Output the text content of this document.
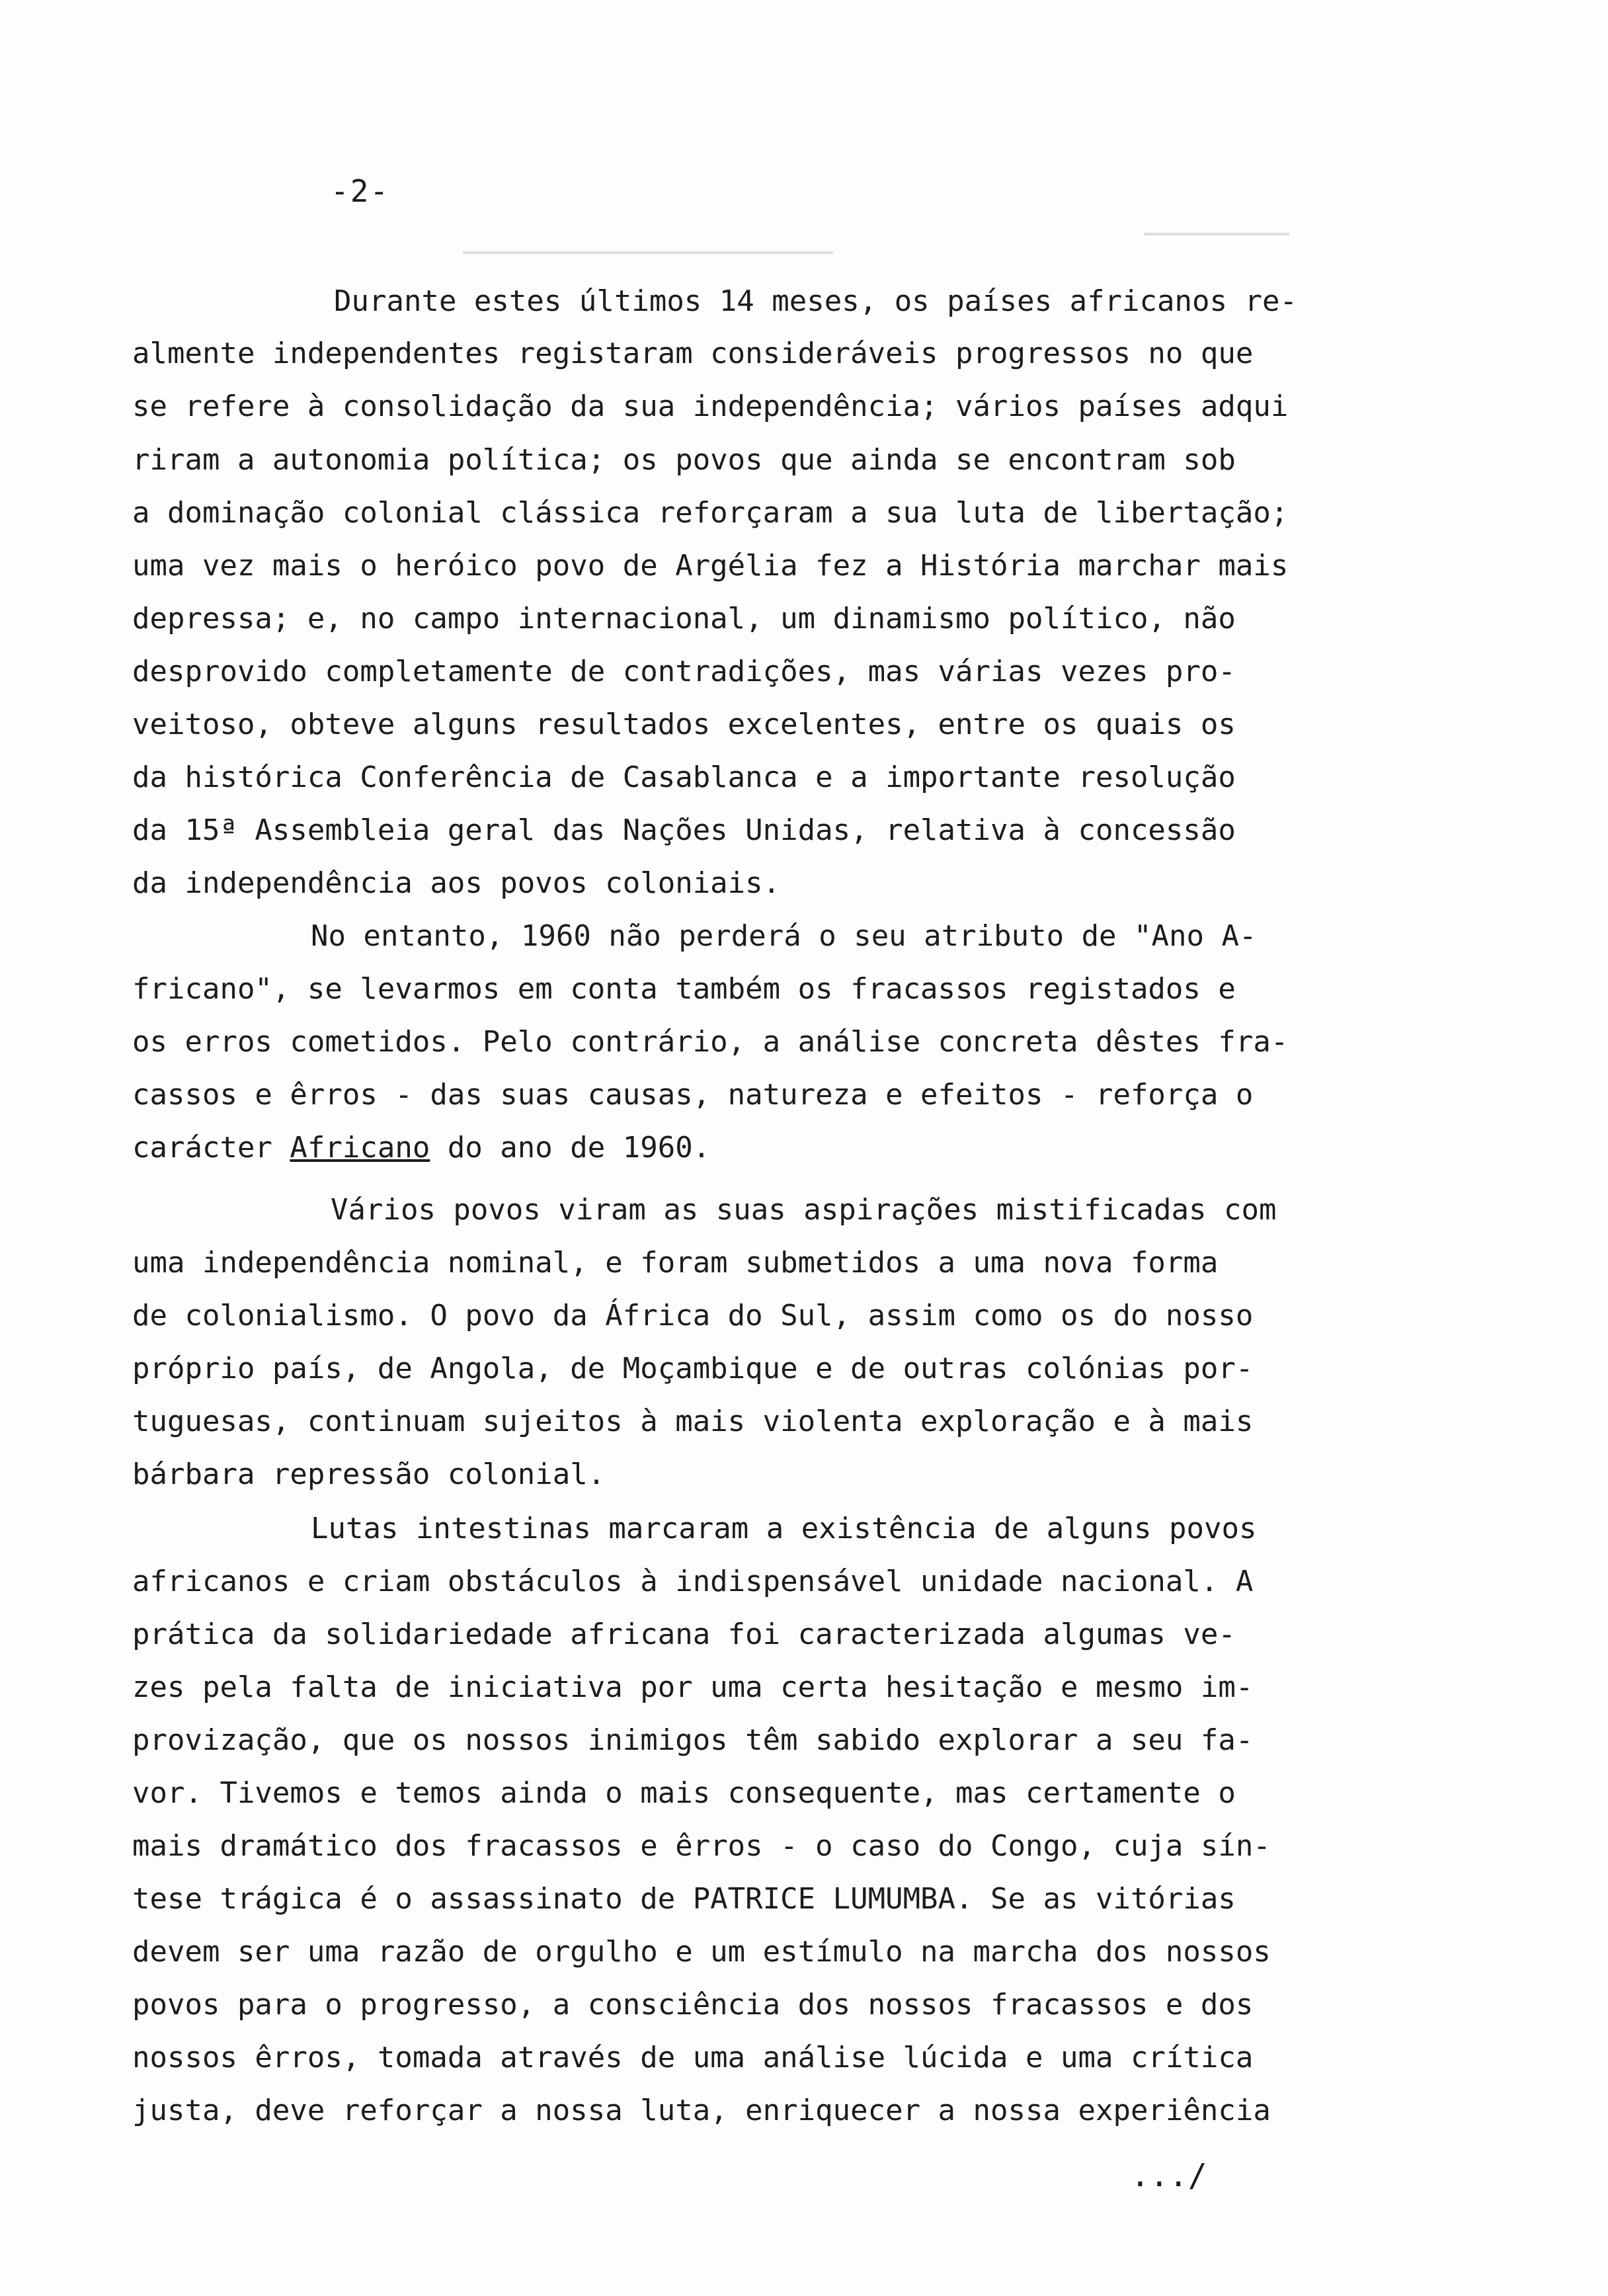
-2-
Durante estes últimos 14 meses, os países africanos re-
almente independentes registaram consideráveis progressos no que
se refere à consolidação da sua independência; vários países adqui
riram a autonomia política; os povos que ainda se encontram sob
a dominação colonial clássica reforçaram a sua luta de libertação;
uma vez mais o heróico povo de Argélia fez a História marchar mais
depressa; e, no campo internacional, um dinamismo político, não
desprovido completamente de contradições, mas várias vezes pro-
veitoso, obteve alguns resultados excelentes, entre os quais os
da histórica Conferência de Casablanca e a importante resolução
da 15ª Assembleia geral das Nações Unidas, relativa à concessão
da independência aos povos coloniais.
No entanto, 1960 não perderá o seu atributo de "Ano A-
fricano", se levarmos em conta também os fracassos registados e
os erros cometidos. Pelo contrário, a análise concreta dêstes fra-
cassos e êrros - das suas causas, natureza e efeitos - reforça o
carácter Africano do ano de 1960.
Vários povos viram as suas aspirações mistificadas com
uma independência nominal, e foram submetidos a uma nova forma
de colonialismo. O povo da África do Sul, assim como os do nosso
próprio país, de Angola, de Moçambique e de outras colónias por-
tuguesas, continuam sujeitos à mais violenta exploração e à mais
bárbara repressão colonial.
Lutas intestinas marcaram a existência de alguns povos
africanos e criam obstáculos à indispensável unidade nacional. A
prática da solidariedade africana foi caracterizada algumas ve-
zes pela falta de iniciativa por uma certa hesitação e mesmo im-
provização, que os nossos inimigos têm sabido explorar a seu fa-
vor. Tivemos e temos ainda o mais consequente, mas certamente o
mais dramático dos fracassos e êrros - o caso do Congo, cuja sín-
tese trágica é o assassinato de PATRICE LUMUMBA. Se as vitórias
devem ser uma razão de orgulho e um estímulo na marcha dos nossos
povos para o progresso, a consciência dos nossos fracassos e dos
nossos êrros, tomada através de uma análise lúcida e uma crítica
justa, deve reforçar a nossa luta, enriquecer a nossa experiência
.../
